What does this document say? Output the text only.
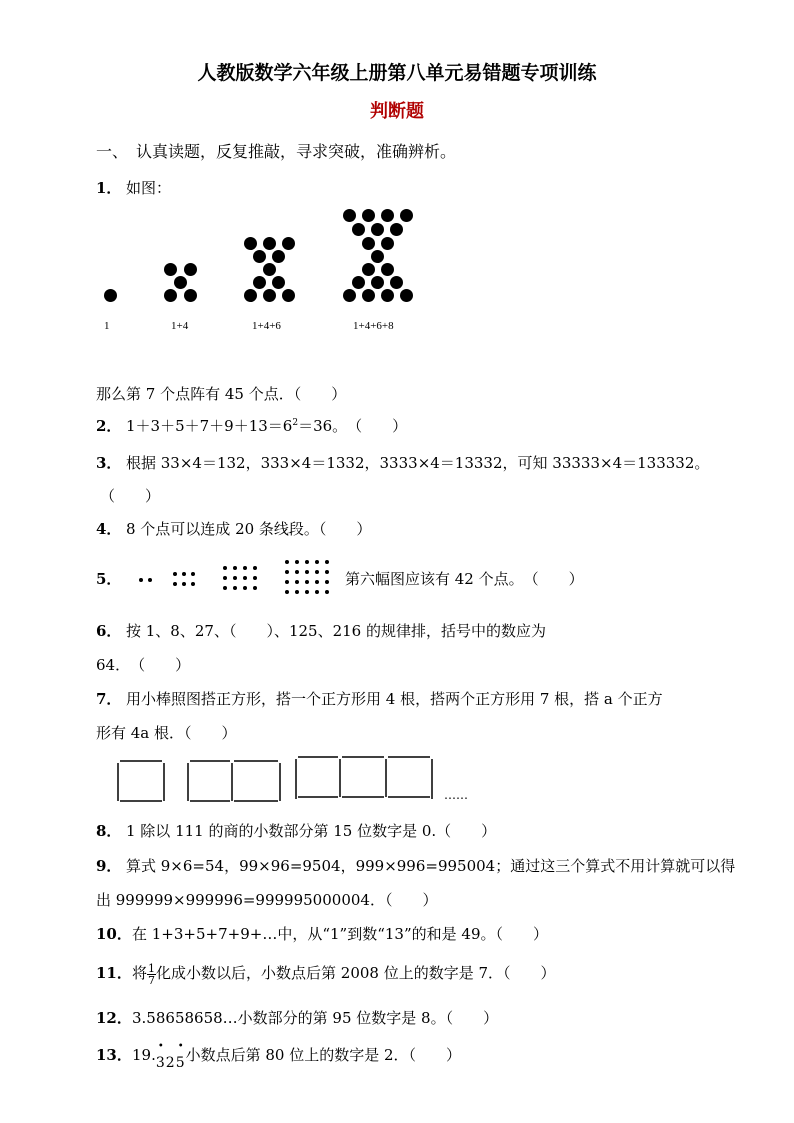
人教版数学六年级上册第八单元易错题专项训练
判断题
一、　认真读题，反复推敲，寻求突破，准确辨析。
1． 如图：
1	1+4	1+4+6	1+4+6+8
那么第 7 个点阵有 45 个点．（　　）
2． $1+3+5+7+9+13=6^2=36$。　（　　）
3． 根据 33×4＝132，333×4＝1332，3333×4＝13332，可知 33333×4＝133332。
（　　）
4． 8 个点可以连成 20 条线段。（　　）
5．	第六幅图应该有 42 个点。　（　　）
6． 按 1、8、27、（　　）、125、216 的规律排，括号中的数应为
64．　（　　）
7． 用小棒照图搭正方形，搭一个正方形用 4 根，搭两个正方形用 7 根，搭 a 个正方
形有 4a 根．（　　）
……
8． 1 除以 111 的商的小数部分第 15 位数字是 0.（　　）
9． 算式 9×6=54，99×96=9504，999×996=995004；通过这三个算式不用计算就可以得
出 999999×999996=999995000004．（　　）
10．在 1+3+5+7+9+…中，从“1”到数“13”的和是 49。（　　）
11．将 $\frac{1}{7}$ 化成小数以后，小数点后第 2008 位上的数字是 7．（　　）
12．3.58658658…小数部分的第 95 位数字是 8。（　　）
13．19.• 32• 5小数点后第 80 位上的数字是 2．（　　）
